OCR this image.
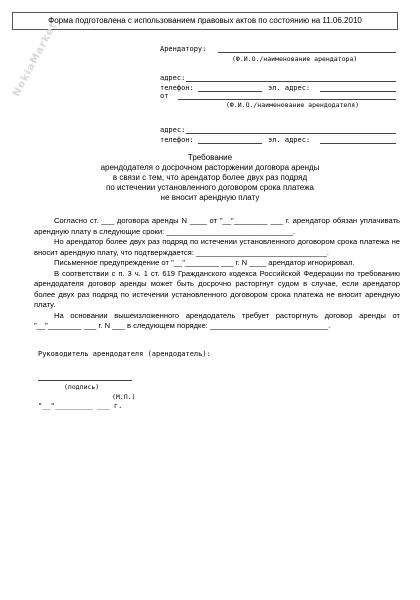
Форма подготовлена с использованием правовых актов по состоянию на 11.06.2010
NokiaMarket	Арендатору:
(Ф.И.О./наименование арендатора)
адрес:
телефон:	эл. адрес:
от
(Ф.И.О./наименование арендодателя)
адрес:
телефон:	эл. адрес:
Требование
арендодателя о досрочном расторжении договора аренды
в связи с тем, что арендатор более двух раз подряд
по истечении установленного договором срока платежа
не вносит арендную плату

Согласно ст. ___ договора аренды N ____ от "__"________ ___ г. арендатор обязан уплачивать арендную плату в следующие сроки: ______________________________.

Но арендатор более двух раз подряд по истечении установленного договором срока платежа не вносит арендную плату, что подтверждается: _______________________________.

Письменное предупреждение от "__"________ ___ г. N ____ арендатор игнорировал.

В соответствии с п. 3 ч. 1 ст. 619 Гражданского кодекса Российской Федерации по требованию арендодателя договор аренды может быть досрочно расторгнут судом в случае, если арендатор более двух раз подряд по истечении установленного договором срока платежа не вносит арендную плату.

На основании вышеизложенного арендодатель требует расторгнуть договор аренды от "__"________ ___ г. N ___ в следующем порядке: ____________________________.

Руководитель арендодателя (арендодатель):
(подпись)
(М.П.)
"__"_________ ___ г.
